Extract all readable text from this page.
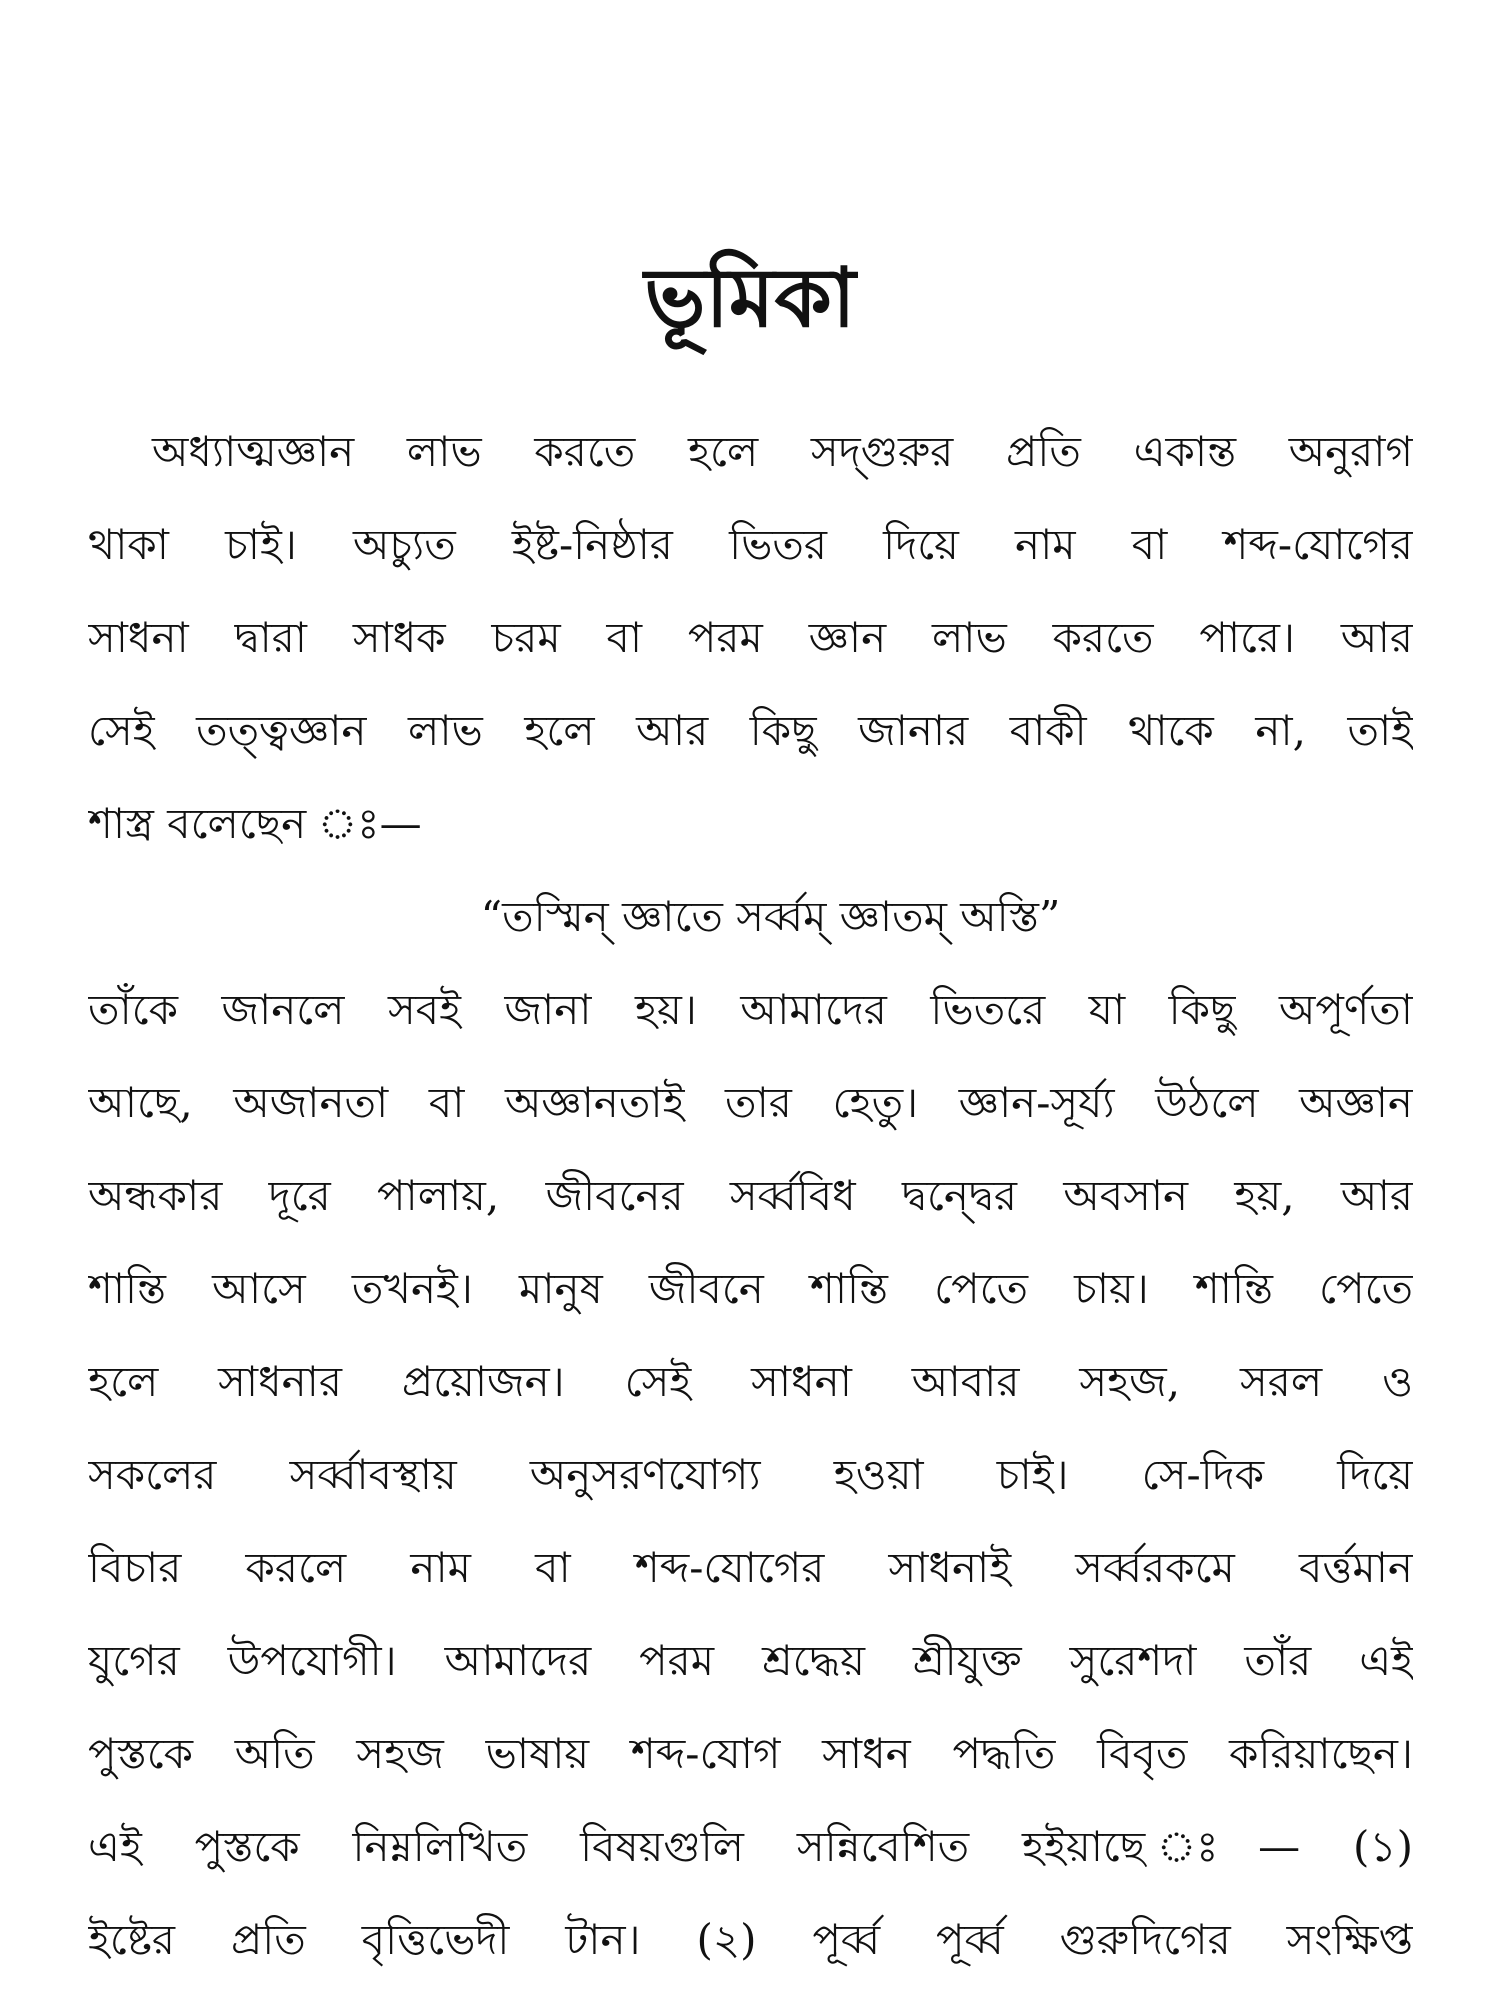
ভূমিকা
অধ্যাত্মজ্ঞান লাভ করতে হলে সদ্‌গুরুর প্রতি একান্ত অনুরাগ
থাকা চাই। অচ্যুত ইষ্ট-নিষ্ঠার ভিতর দিয়ে নাম বা শব্দ-যোগের
সাধনা দ্বারা সাধক চরম বা পরম জ্ঞান লাভ করতে পারে। আর
সেই তত্ত্বজ্ঞান লাভ হলে আর কিছু জানার বাকী থাকে না, তাই
শাস্ত্র বলেছেন ঃ—
“তস্মিন্ জ্ঞাতে সর্ব্বম্ জ্ঞাতম্ অস্তি”
তাঁকে জানলে সবই জানা হয়। আমাদের ভিতরে যা কিছু অপূর্ণতা
আছে, অজানতা বা অজ্ঞানতাই তার হেতু। জ্ঞান-সূর্য্য উঠলে অজ্ঞান
অন্ধকার দূরে পালায়, জীবনের সর্ব্ববিধ দ্বন্দ্বের অবসান হয়, আর
শান্তি আসে তখনই। মানুষ জীবনে শান্তি পেতে চায়। শান্তি পেতে
হলে সাধনার প্রয়োজন। সেই সাধনা আবার সহজ, সরল ও
সকলের সর্ব্বাবস্থায় অনুসরণযোগ্য হওয়া চাই। সে-দিক দিয়ে
বিচার করলে নাম বা শব্দ-যোগের সাধনাই সর্ব্বরকমে বর্ত্তমান
যুগের উপযোগী। আমাদের পরম শ্রদ্ধেয় শ্রীযুক্ত সুরেশদা তাঁর এই
পুস্তকে অতি সহজ ভাষায় শব্দ-যোগ সাধন পদ্ধতি বিবৃত করিয়াছেন।
এই পুস্তকে নিম্নলিখিত বিষয়গুলি সন্নিবেশিত হইয়াছে ঃ— (১)
ইষ্টের প্রতি বৃত্তিভেদী টান। (২) পূর্ব্ব পূর্ব্ব গুরুদিগের সংক্ষিপ্ত
